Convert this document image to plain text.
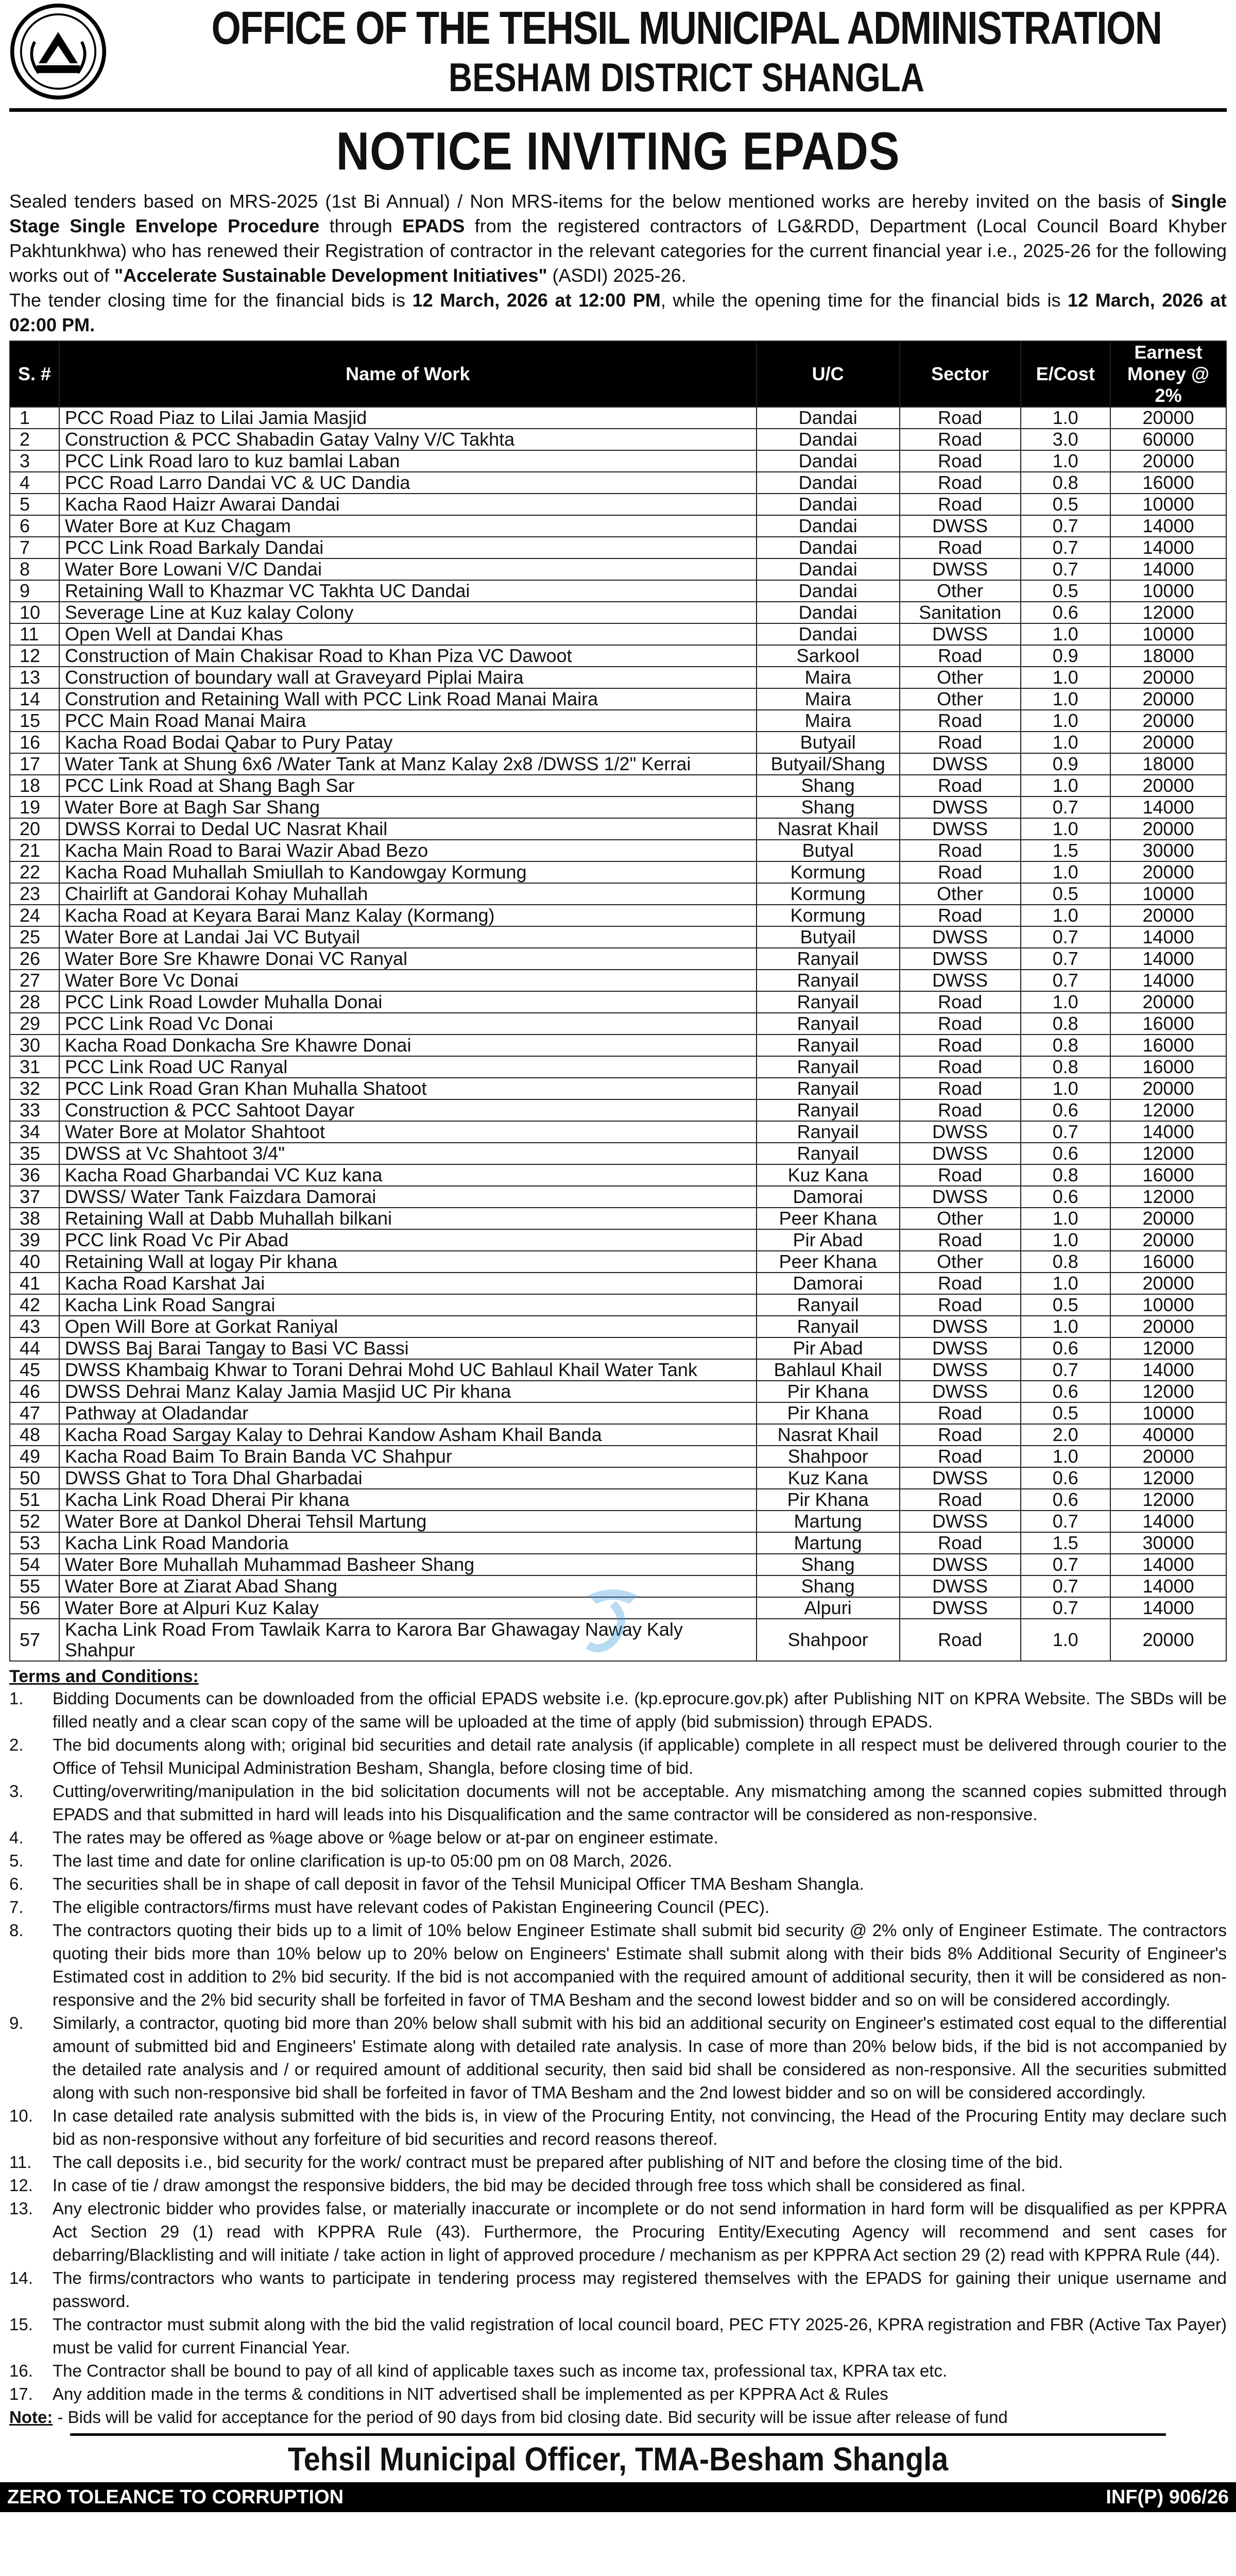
OFFICE OF THE TEHSIL MUNICIPAL ADMINISTRATION
BESHAM DISTRICT SHANGLA
NOTICE INVITING EPADS
Sealed tenders based on MRS-2025 (1st Bi Annual) / Non MRS-items for the below mentioned works are hereby invited on the basis of Single Stage Single Envelope Procedure through EPADS from the registered contractors of LG&RDD, Department (Local Council Board Khyber Pakhtunkhwa) who has renewed their Registration of contractor in the relevant categories for the current financial year i.e., 2025-26 for the following works out of "Accelerate Sustainable Development Initiatives" (ASDI) 2025-26.
The tender closing time for the financial bids is 12 March, 2026 at 12:00 PM, while the opening time for the financial bids is 12 March, 2026 at 02:00 PM.
S. #	Name of Work	U/C	Sector	E/Cost	Earnest Money @ 2%
1	PCC Road Piaz to Lilai Jamia Masjid	Dandai	Road	1.0	20000
2	Construction & PCC Shabadin Gatay Valny V/C Takhta	Dandai	Road	3.0	60000
3	PCC Link Road laro to kuz bamlai Laban	Dandai	Road	1.0	20000
4	PCC Road Larro Dandai VC & UC Dandia	Dandai	Road	0.8	16000
5	Kacha Raod Haizr Awarai Dandai	Dandai	Road	0.5	10000
6	Water Bore at Kuz Chagam	Dandai	DWSS	0.7	14000
7	PCC Link Road Barkaly Dandai	Dandai	Road	0.7	14000
8	Water Bore Lowani V/C Dandai	Dandai	DWSS	0.7	14000
9	Retaining Wall to Khazmar VC Takhta UC Dandai	Dandai	Other	0.5	10000
10	Severage Line at Kuz kalay Colony	Dandai	Sanitation	0.6	12000
11	Open Well at Dandai Khas	Dandai	DWSS	1.0	10000
12	Construction of Main Chakisar Road to Khan Piza VC Dawoot	Sarkool	Road	0.9	18000
13	Construction of boundary wall at Graveyard Piplai Maira	Maira	Other	1.0	20000
14	Constrution and Retaining Wall with PCC Link Road Manai Maira	Maira	Other	1.0	20000
15	PCC Main Road Manai Maira	Maira	Road	1.0	20000
16	Kacha Road Bodai Qabar to Pury Patay	Butyail	Road	1.0	20000
17	Water Tank at Shung 6x6 /Water Tank at Manz Kalay 2x8 /DWSS 1/2" Kerrai	Butyail/Shang	DWSS	0.9	18000
18	PCC Link Road at Shang Bagh Sar	Shang	Road	1.0	20000
19	Water Bore at Bagh Sar Shang	Shang	DWSS	0.7	14000
20	DWSS Korrai to Dedal UC Nasrat Khail	Nasrat Khail	DWSS	1.0	20000
21	Kacha Main Road to Barai Wazir Abad Bezo	Butyal	Road	1.5	30000
22	Kacha Road Muhallah Smiullah to Kandowgay Kormung	Kormung	Road	1.0	20000
23	Chairlift at Gandorai Kohay Muhallah	Kormung	Other	0.5	10000
24	Kacha Road at Keyara Barai Manz Kalay (Kormang)	Kormung	Road	1.0	20000
25	Water Bore at Landai Jai VC Butyail	Butyail	DWSS	0.7	14000
26	Water Bore Sre Khawre Donai VC Ranyal	Ranyail	DWSS	0.7	14000
27	Water Bore Vc Donai	Ranyail	DWSS	0.7	14000
28	PCC Link Road Lowder Muhalla Donai	Ranyail	Road	1.0	20000
29	PCC Link Road Vc Donai	Ranyail	Road	0.8	16000
30	Kacha Road Donkacha Sre Khawre Donai	Ranyail	Road	0.8	16000
31	PCC Link Road UC Ranyal	Ranyail	Road	0.8	16000
32	PCC Link Road Gran Khan Muhalla Shatoot	Ranyail	Road	1.0	20000
33	Construction & PCC Sahtoot Dayar	Ranyail	Road	0.6	12000
34	Water Bore at Molator Shahtoot	Ranyail	DWSS	0.7	14000
35	DWSS at Vc Shahtoot 3/4"	Ranyail	DWSS	0.6	12000
36	Kacha Road Gharbandai VC Kuz kana	Kuz Kana	Road	0.8	16000
37	DWSS/ Water Tank Faizdara Damorai	Damorai	DWSS	0.6	12000
38	Retaining Wall at Dabb Muhallah bilkani	Peer Khana	Other	1.0	20000
39	PCC link Road Vc Pir Abad	Pir Abad	Road	1.0	20000
40	Retaining Wall at logay Pir khana	Peer Khana	Other	0.8	16000
41	Kacha Road Karshat Jai	Damorai	Road	1.0	20000
42	Kacha Link Road Sangrai	Ranyail	Road	0.5	10000
43	Open Will Bore at Gorkat Raniyal	Ranyail	DWSS	1.0	20000
44	DWSS Baj Barai Tangay to Basi VC Bassi	Pir Abad	DWSS	0.6	12000
45	DWSS Khambaig Khwar to Torani Dehrai Mohd UC Bahlaul Khail Water Tank	Bahlaul Khail	DWSS	0.7	14000
46	DWSS Dehrai Manz Kalay Jamia Masjid UC Pir khana	Pir Khana	DWSS	0.6	12000
47	Pathway at Oladandar	Pir Khana	Road	0.5	10000
48	Kacha Road Sargay Kalay to Dehrai Kandow Asham Khail Banda	Nasrat Khail	Road	2.0	40000
49	Kacha Road Baim To Brain Banda VC Shahpur	Shahpoor	Road	1.0	20000
50	DWSS Ghat to Tora Dhal Gharbadai	Kuz Kana	DWSS	0.6	12000
51	Kacha Link Road Dherai Pir khana	Pir Khana	Road	0.6	12000
52	Water Bore at Dankol Dherai Tehsil Martung	Martung	DWSS	0.7	14000
53	Kacha Link Road Mandoria	Martung	Road	1.5	30000
54	Water Bore Muhallah Muhammad Basheer Shang	Shang	DWSS	0.7	14000
55	Water Bore at Ziarat Abad Shang	Shang	DWSS	0.7	14000
56	Water Bore at Alpuri Kuz Kalay	Alpuri	DWSS	0.7	14000
57	Kacha Link Road From Tawlaik Karra to Karora Bar Ghawagay Naway Kaly Shahpur	Shahpoor	Road	1.0	20000
Terms and Conditions:
1.	Bidding Documents can be downloaded from the official EPADS website i.e. (kp.eprocure.gov.pk) after Publishing NIT on KPRA Website. The SBDs will be filled neatly and a clear scan copy of the same will be uploaded at the time of apply (bid submission) through EPADS.
2.	The bid documents along with; original bid securities and detail rate analysis (if applicable) complete in all respect must be delivered through courier to the Office of Tehsil Municipal Administration Besham, Shangla, before closing time of bid.
3.	Cutting/overwriting/manipulation in the bid solicitation documents will not be acceptable. Any mismatching among the scanned copies submitted through EPADS and that submitted in hard will leads into his Disqualification and the same contractor will be considered as non-responsive.
4.	The rates may be offered as %age above or %age below or at-par on engineer estimate.
5.	The last time and date for online clarification is up-to 05:00 pm on 08 March, 2026.
6.	The securities shall be in shape of call deposit in favor of the Tehsil Municipal Officer TMA Besham Shangla.
7.	The eligible contractors/firms must have relevant codes of Pakistan Engineering Council (PEC).
8.	The contractors quoting their bids up to a limit of 10% below Engineer Estimate shall submit bid security @ 2% only of Engineer Estimate. The contractors quoting their bids more than 10% below up to 20% below on Engineers' Estimate shall submit along with their bids 8% Additional Security of Engineer's Estimated cost in addition to 2% bid security. If the bid is not accompanied with the required amount of additional security, then it will be considered as non-responsive and the 2% bid security shall be forfeited in favor of TMA Besham and the second lowest bidder and so on will be considered accordingly.
9.	Similarly, a contractor, quoting bid more than 20% below shall submit with his bid an additional security on Engineer's estimated cost equal to the differential amount of submitted bid and Engineers' Estimate along with detailed rate analysis. In case of more than 20% below bids, if the bid is not accompanied by the detailed rate analysis and / or required amount of additional security, then said bid shall be considered as non-responsive. All the securities submitted along with such non-responsive bid shall be forfeited in favor of TMA Besham and the 2nd lowest bidder and so on will be considered accordingly.
10.	In case detailed rate analysis submitted with the bids is, in view of the Procuring Entity, not convincing, the Head of the Procuring Entity may declare such bid as non-responsive without any forfeiture of bid securities and record reasons thereof.
11.	The call deposits i.e., bid security for the work/ contract must be prepared after publishing of NIT and before the closing time of the bid.
12.	In case of tie / draw amongst the responsive bidders, the bid may be decided through free toss which shall be considered as final.
13.	Any electronic bidder who provides false, or materially inaccurate or incomplete or do not send information in hard form will be disqualified as per KPPRA Act Section 29 (1) read with KPPRA Rule (43). Furthermore, the Procuring Entity/Executing Agency will recommend and sent cases for debarring/Blacklisting and will initiate / take action in light of approved procedure / mechanism as per KPPRA Act section 29 (2) read with KPPRA Rule (44).
14.	The firms/contractors who wants to participate in tendering process may registered themselves with the EPADS for gaining their unique username and password.
15.	The contractor must submit along with the bid the valid registration of local council board, PEC FTY 2025-26, KPRA registration and FBR (Active Tax Payer) must be valid for current Financial Year.
16.	The Contractor shall be bound to pay of all kind of applicable taxes such as income tax, professional tax, KPRA tax etc.
17.	Any addition made in the terms & conditions in NIT advertised shall be implemented as per KPPRA Act & Rules
Note: - Bids will be valid for acceptance for the period of 90 days from bid closing date. Bid security will be issue after release of fund
Tehsil Municipal Officer, TMA-Besham Shangla
ZERO TOLEANCE TO CORRUPTION	INF(P) 906/26
